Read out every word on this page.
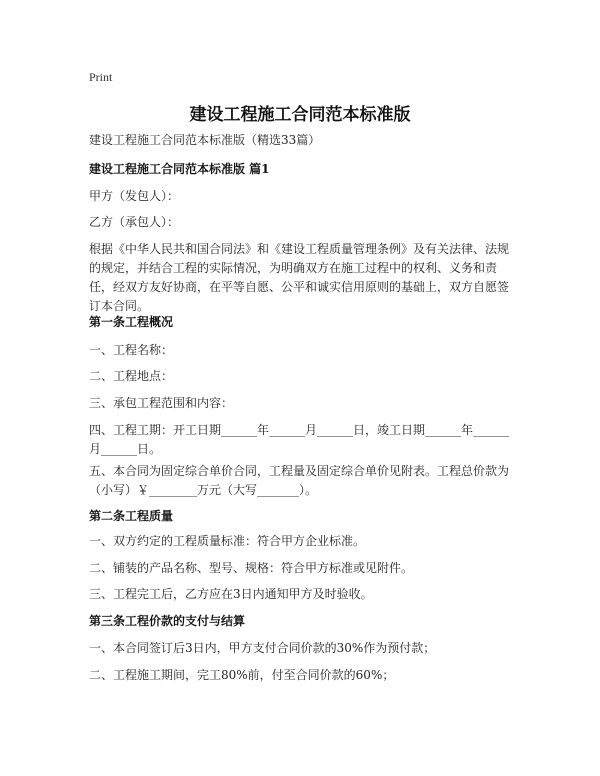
Print
建设工程施工合同范本标准版
建设工程施工合同范本标准版（精选33篇）
建设工程施工合同范本标准版 篇1
甲方（发包人）：
乙方（承包人）：
根据《中华人民共和国合同法》和《建设工程质量管理条例》及有关法律、法规的规定，并结合工程的实际情况，为明确双方在施工过程中的权利、义务和责任，经双方友好协商，在平等自愿、公平和诚实信用原则的基础上，双方自愿签订本合同。
第一条工程概况
一、工程名称：
二、工程地点：
三、承包工程范围和内容：
四、工程工期：开工日期______年______月______日，竣工日期______年______月______日。
五、本合同为固定综合单价合同，工程量及固定综合单价见附表。工程总价款为（小写）￥________万元（大写_______）。
第二条工程质量
一、双方约定的工程质量标准：符合甲方企业标准。
二、铺装的产品名称、型号、规格：符合甲方标准或见附件。
三、工程完工后，乙方应在3日内通知甲方及时验收。
第三条工程价款的支付与结算
一、本合同签订后3日内，甲方支付合同价款的30%作为预付款；
二、工程施工期间，完工80%前，付至合同价款的60%；
